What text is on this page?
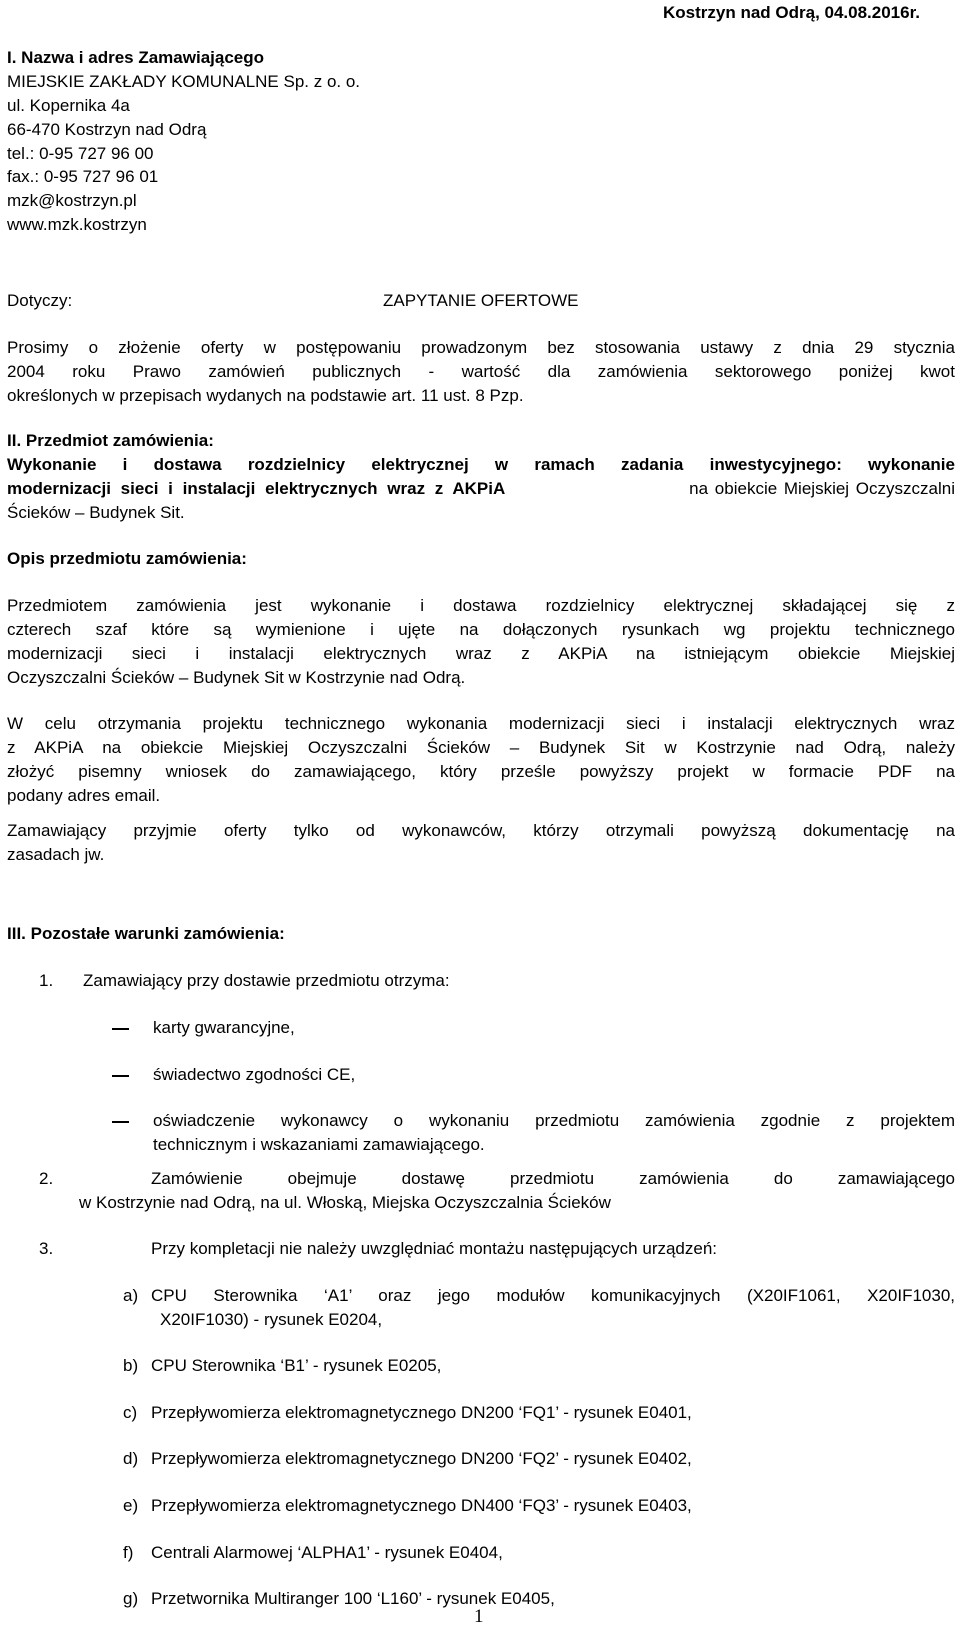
Kostrzyn nad Odrą, 04.08.2016r.
I. Nazwa i adres Zamawiającego
MIEJSKIE ZAKŁADY KOMUNALNE Sp. z o. o.
ul. Kopernika 4a
66-470 Kostrzyn nad Odrą
tel.: 0-95 727 96 00
fax.: 0-95 727 96 01
mzk@kostrzyn.pl
www.mzk.kostrzyn
Dotyczy:	ZAPYTANIE OFERTOWE
Prosimy o złożenie oferty w postępowaniu prowadzonym bez stosowania ustawy z dnia 29 stycznia
2004 roku Prawo zamówień publicznych - wartość dla zamówienia sektorowego poniżej kwot
określonych w przepisach wydanych na podstawie art. 11 ust. 8 Pzp.
II. Przedmiot zamówienia:
Wykonanie i dostawa rozdzielnicy elektrycznej w ramach zadania inwestycyjnego: wykonanie
modernizacji sieci i instalacji elektrycznych wraz z AKPiA	na obiekcie Miejskiej Oczyszczalni
Ścieków – Budynek Sit.
Opis przedmiotu zamówienia:
Przedmiotem zamówienia jest wykonanie i dostawa rozdzielnicy elektrycznej składającej się z
czterech szaf które są wymienione i ujęte na dołączonych rysunkach wg projektu technicznego
modernizacji sieci i instalacji elektrycznych wraz z AKPiA na istniejącym obiekcie Miejskiej
Oczyszczalni Ścieków – Budynek Sit w Kostrzynie nad Odrą.
W celu otrzymania projektu technicznego wykonania modernizacji sieci i instalacji elektrycznych wraz
z AKPiA na obiekcie Miejskiej Oczyszczalni Ścieków – Budynek Sit w Kostrzynie nad Odrą, należy
złożyć pisemny wniosek do zamawiającego, który prześle powyższy projekt w formacie PDF na
podany adres email.
Zamawiający przyjmie oferty tylko od wykonawców, którzy otrzymali powyższą dokumentację na
zasadach jw.
III. Pozostałe warunki zamówienia:
1. Zamawiający przy dostawie przedmiotu otrzyma:
karty gwarancyjne,
świadectwo zgodności CE,
oświadczenie wykonawcy o wykonaniu przedmiotu zamówienia zgodnie z projektem
technicznym i wskazaniami zamawiającego.
2.	Zamówienie obejmuje dostawę przedmiotu zamówienia do zamawiającego
w Kostrzynie nad Odrą, na ul. Włoską, Miejska Oczyszczalnia Ścieków
3.	Przy kompletacji nie należy uwzględniać montażu następujących urządzeń:
a) CPU Sterownika ‘A1’ oraz jego modułów komunikacyjnych (X20IF1061, X20IF1030,
X20IF1030) - rysunek E0204,
b) CPU Sterownika ‘B1’ - rysunek E0205,
c) Przepływomierza elektromagnetycznego DN200 ‘FQ1’ - rysunek E0401,
d) Przepływomierza elektromagnetycznego DN200 ‘FQ2’ - rysunek E0402,
e) Przepływomierza elektromagnetycznego DN400 ‘FQ3’ - rysunek E0403,
f) Centrali Alarmowej ‘ALPHA1’ - rysunek E0404,
g) Przetwornika Multiranger 100 ‘L160’ - rysunek E0405,
1
